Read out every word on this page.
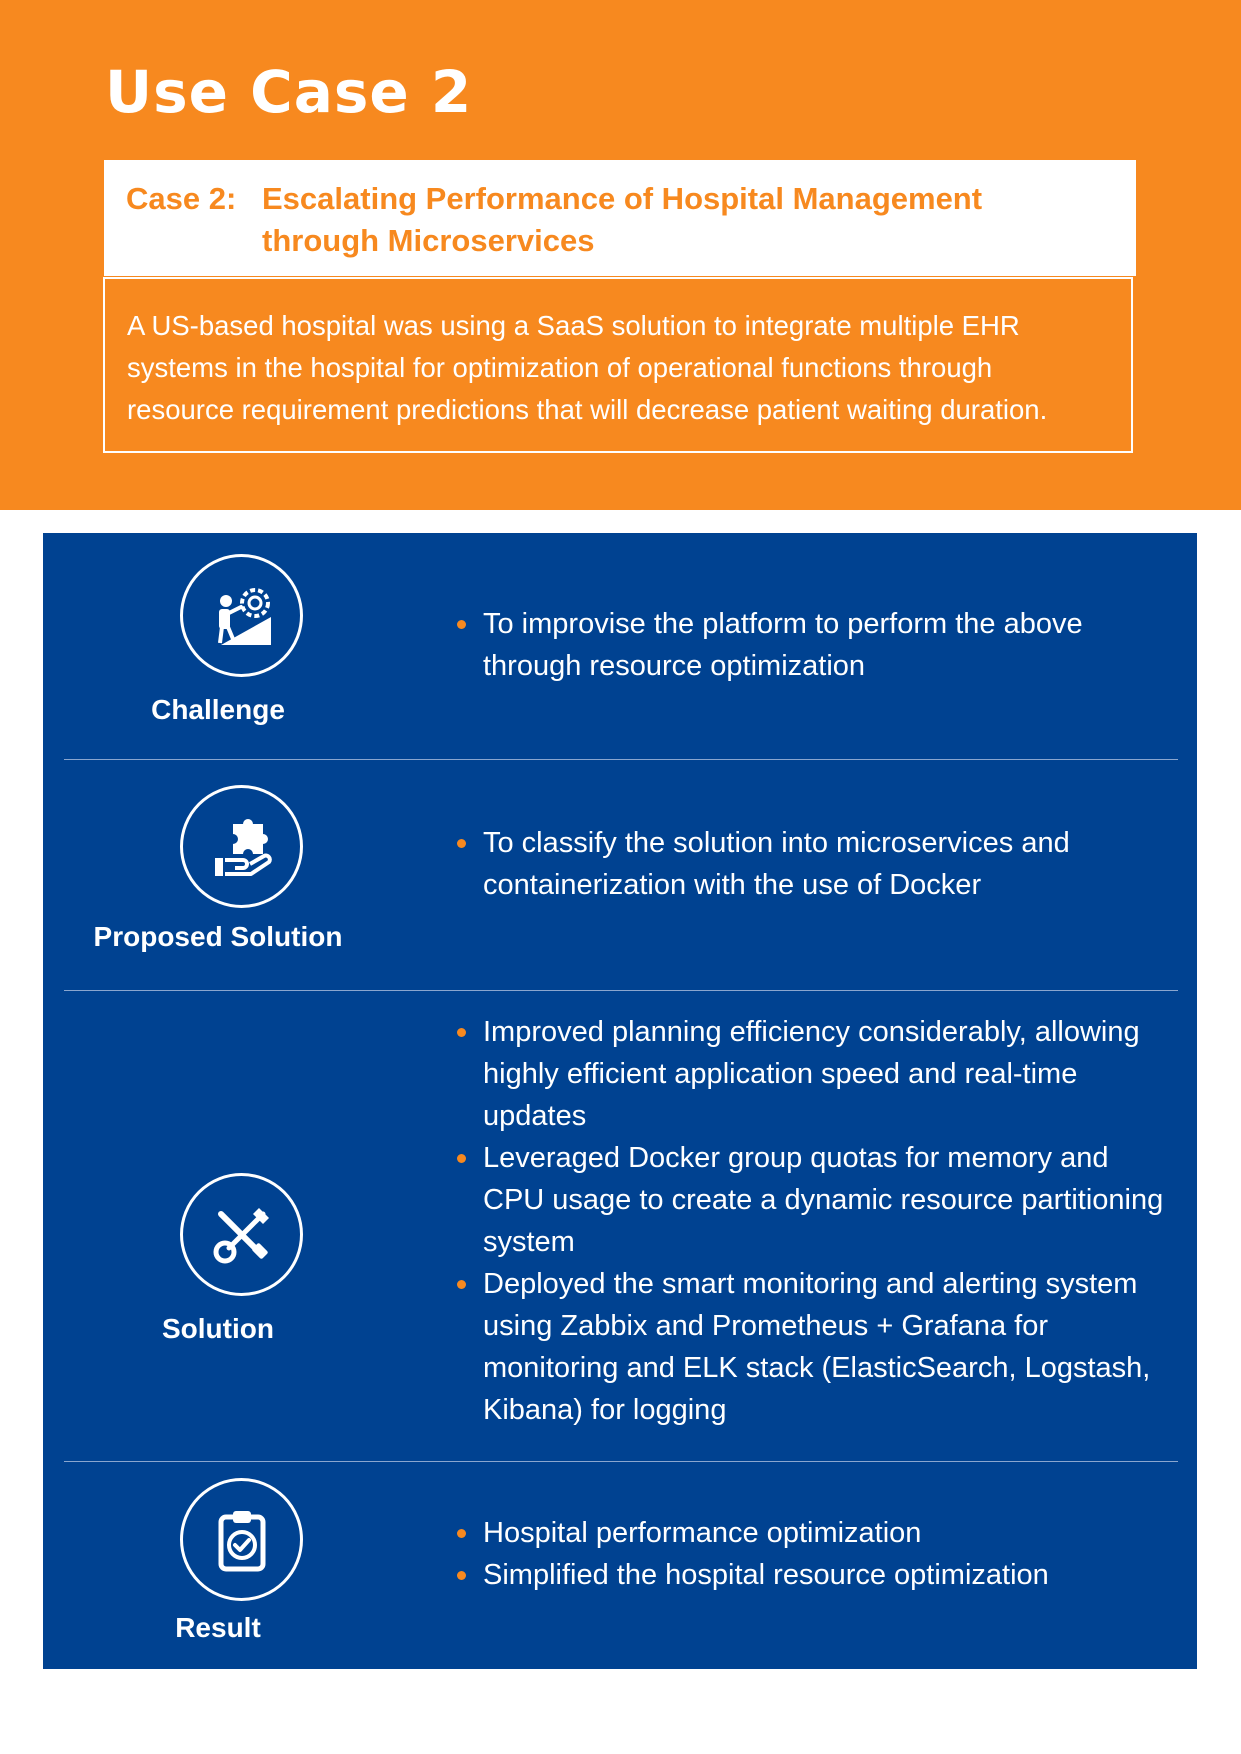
Use Case 2
Case 2: Escalating Performance of Hospital Management through Microservices
A US-based hospital was using a SaaS solution to integrate multiple EHR
systems in the hospital for optimization of operational functions through
resource requirement predictions that will decrease patient waiting duration.
Challenge
To improvise the platform to perform the above through resource optimization
Proposed Solution
To classify the solution into microservices and containerization with the use of Docker
Solution
Improved planning efficiency considerably, allowing highly efficient application speed and real-time updates
Leveraged Docker group quotas for memory and CPU usage to create a dynamic resource partitioning system
Deployed the smart monitoring and alerting system using Zabbix and Prometheus + Grafana for monitoring and ELK stack (ElasticSearch, Logstash, Kibana) for logging
Result
Hospital performance optimization
Simplified the hospital resource optimization
